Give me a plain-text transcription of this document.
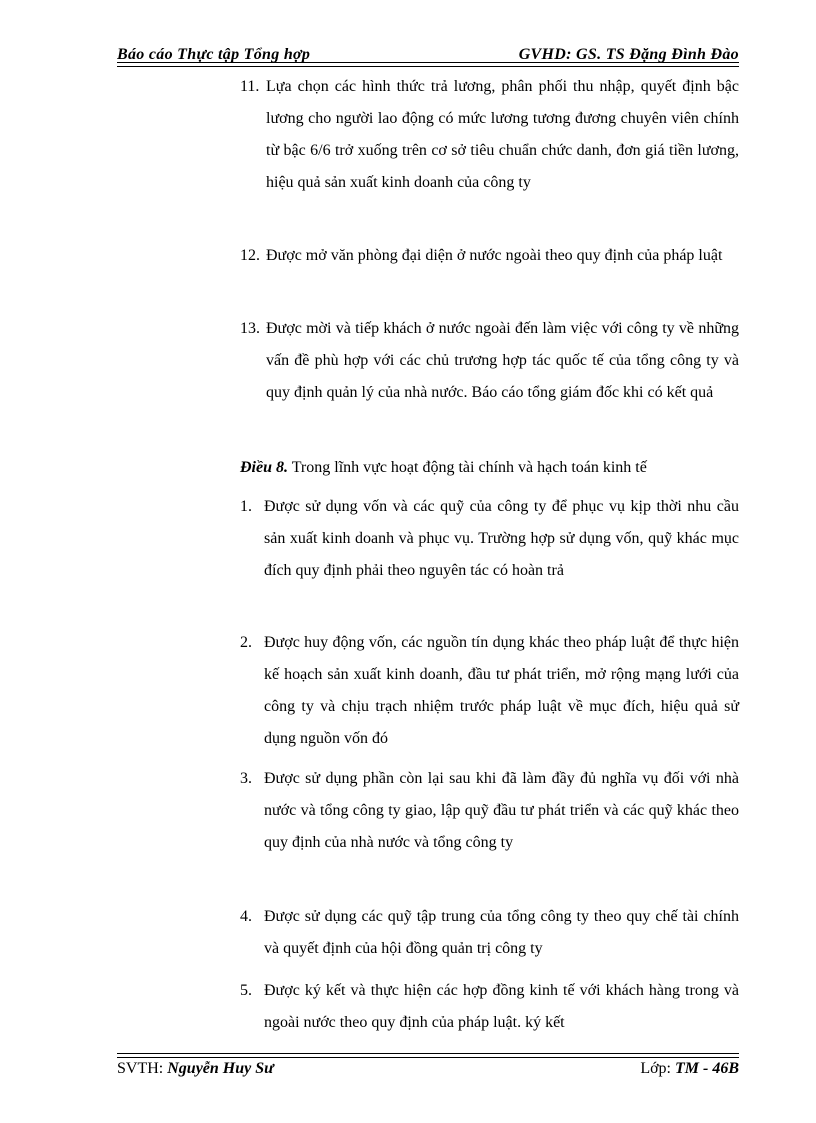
Báo cáo Thực tập Tổng hợp	GVHD: GS. TS Đặng Đình Đào
11. Lựa chọn các hình thức trả lương, phân phối thu nhập, quyết định bậc lương cho người lao động có mức lương tương đương chuyên viên chính từ bậc 6/6 trở xuống trên cơ sở tiêu chuẩn chức danh, đơn giá tiền lương, hiệu quả sản xuất kinh doanh của công ty
12. Được mở văn phòng đại diện ở nước ngoài theo quy định của pháp luật
13. Được mời và tiếp khách ở nước ngoài đến làm việc với công ty về những vấn đề phù hợp với các chủ trương hợp tác quốc tế của tổng công ty và quy định quản lý của nhà nước. Báo cáo tổng giám đốc khi có kết quả
Điều 8. Trong lĩnh vực hoạt động tài chính và hạch toán kinh tế
1. Được sử dụng vốn và các quỹ của công ty để phục vụ kịp thời nhu cầu sản xuất kinh doanh và phục vụ. Trường hợp sử dụng vốn, quỹ khác mục đích quy định phải theo nguyên tác có hoàn trả
2. Được huy động vốn, các nguồn tín dụng khác theo pháp luật để thực hiện kế hoạch sản xuất kinh doanh, đầu tư phát triển, mở rộng mạng lưới của công ty và chịu trạch nhiệm trước pháp luật về mục đích, hiệu quả sử dụng nguồn vốn đó
3. Được sử dụng phần còn lại sau khi đã làm đầy đủ nghĩa vụ đối với nhà nước và tổng công ty giao, lập quỹ đầu tư phát triển và các quỹ khác theo quy định của nhà nước và tổng công ty
4. Được sử dụng các quỹ tập trung của tổng công ty theo quy chế tài chính và quyết định của hội đồng quản trị công ty
5. Được ký kết và thực hiện các hợp đồng kinh tế với khách hàng trong và ngoài nước theo quy định của pháp luật. ký kết
SVTH: Nguyễn Huy Sư	Lớp: TM - 46B
